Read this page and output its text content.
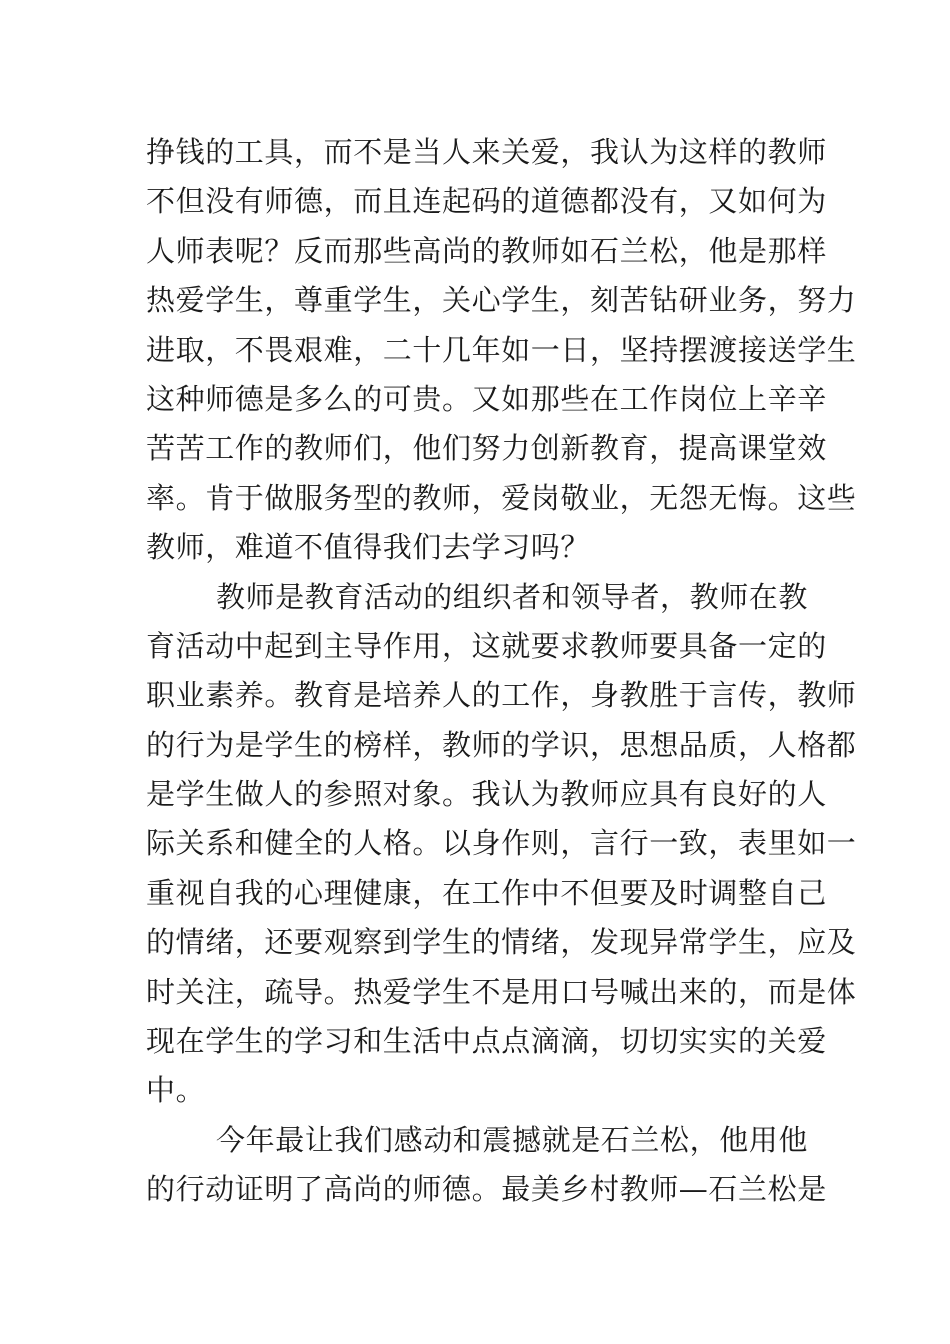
挣钱的工具，而不是当人来关爱，我认为这样的教师
不但没有师德，而且连起码的道德都没有，又如何为
人师表呢？反而那些高尚的教师如石兰松，他是那样
热爱学生，尊重学生，关心学生，刻苦钻研业务，努力
进取，不畏艰难，二十几年如一日，坚持摆渡接送学生
这种师德是多么的可贵。又如那些在工作岗位上辛辛
苦苦工作的教师们，他们努力创新教育，提高课堂效
率。肯于做服务型的教师，爱岗敬业，无怨无悔。这些
教师，难道不值得我们去学习吗？
教师是教育活动的组织者和领导者，教师在教
育活动中起到主导作用，这就要求教师要具备一定的
职业素养。教育是培养人的工作，身教胜于言传，教师
的行为是学生的榜样，教师的学识，思想品质，人格都
是学生做人的参照对象。我认为教师应具有良好的人
际关系和健全的人格。以身作则，言行一致，表里如一
重视自我的心理健康，在工作中不但要及时调整自己
的情绪，还要观察到学生的情绪，发现异常学生，应及
时关注，疏导。热爱学生不是用口号喊出来的，而是体
现在学生的学习和生活中点点滴滴，切切实实的关爱
中。
今年最让我们感动和震撼就是石兰松，他用他
的行动证明了高尚的师德。最美乡村教师—石兰松是
